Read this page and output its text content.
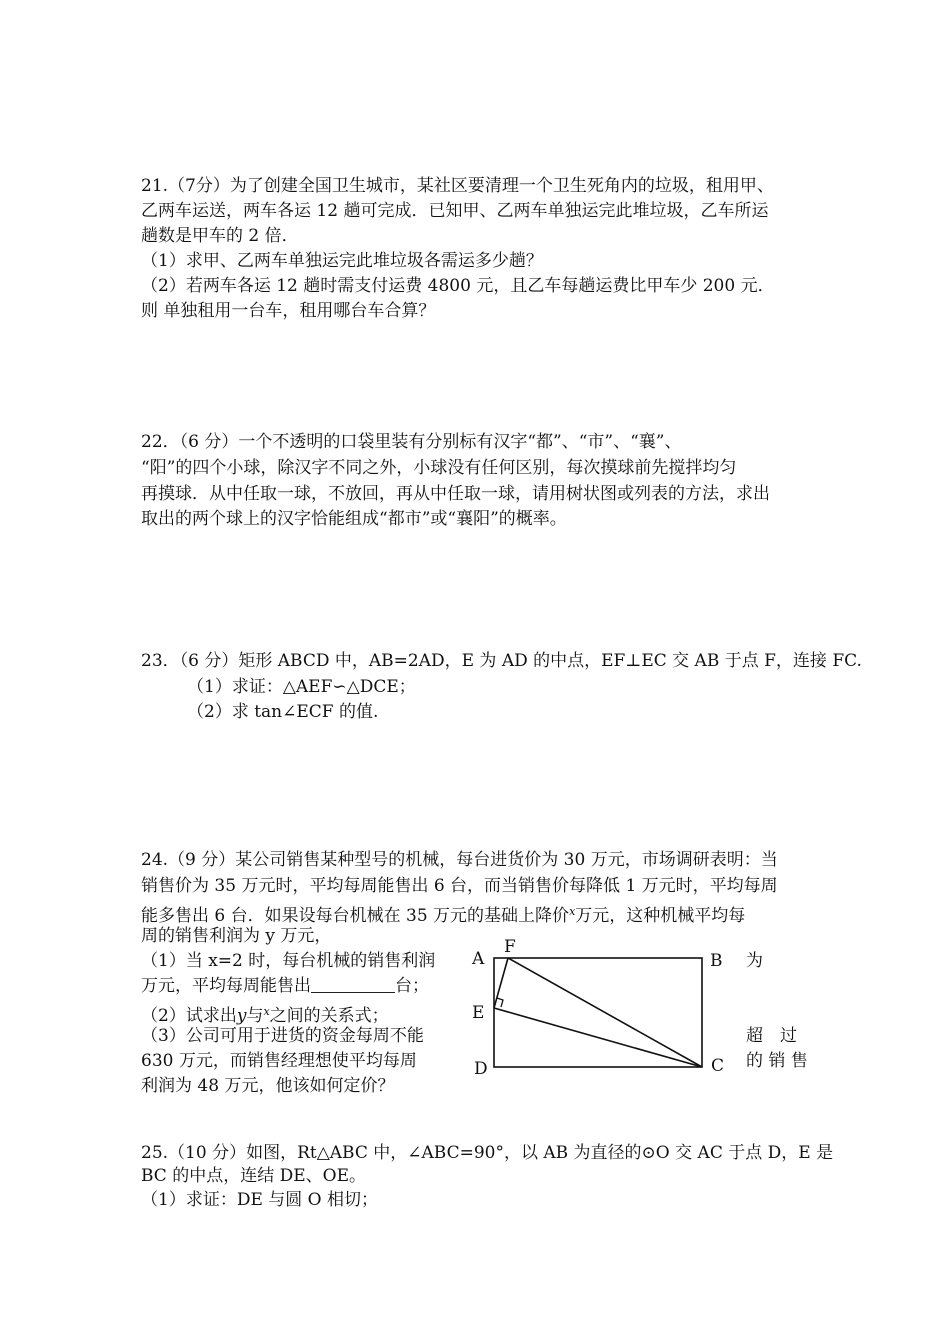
21.（7分）为了创建全国卫生城市，某社区要清理一个卫生死角内的垃圾，租用甲、
乙两车运送，两车各运 12 趟可完成．已知甲、乙两车单独运完此堆垃圾，乙车所运
趟数是甲车的 2 倍．
（1）求甲、乙两车单独运完此堆垃圾各需运多少趟？
（2）若两车各运 12 趟时需支付运费 4800 元，且乙车每趟运费比甲车少 200 元．
则 单独租用一台车，租用哪台车合算？
22．（6 分）一个不透明的口袋里装有分别标有汉字“都”、“市”、“襄”、
“阳”的四个小球，除汉字不同之外，小球没有任何区别，每次摸球前先搅拌均匀
再摸球．从中任取一球，不放回，再从中任取一球，请用树状图或列表的方法，求出
取出的两个球上的汉字恰能组成“都市”或“襄阳”的概率。
23．（6 分）矩形 ABCD 中，AB=2AD，E 为 AD 的中点，EF⊥EC 交 AB 于点 F，连接 FC.
（1）求证：△AEF∽△DCE；
（2）求 tan∠ECF 的值.
24.（9 分）某公司销售某种型号的机械，每台进货价为 30 万元，市场调研表明：当
销售价为 35 万元时，平均每周能售出 6 台，而当销售价每降低 1 万元时，平均每周
能多售出 6 台．如果设每台机械在 35 万元的基础上降价$^x$万元，这种机械平均每
周的销售利润为 y 万元，
（1）当 x=2 时，每台机械的销售利润	为
万元，平均每周能售出	台；
（2）试求出y与$^x$之间的关系式；
（3）公司可用于进货的资金每周不能	超　过
630 万元，而销售经理想使平均每周	的 销 售
利润为 48 万元，他该如何定价？
A
F
B
E
D	C
25.（10 分）如图，Rt△ABC 中，∠ABC=90°，以 AB 为直径的⊙O 交 AC 于点 D，E 是
BC 的中点，连结 DE、OE。
（1）求证：DE 与圆 O 相切；
